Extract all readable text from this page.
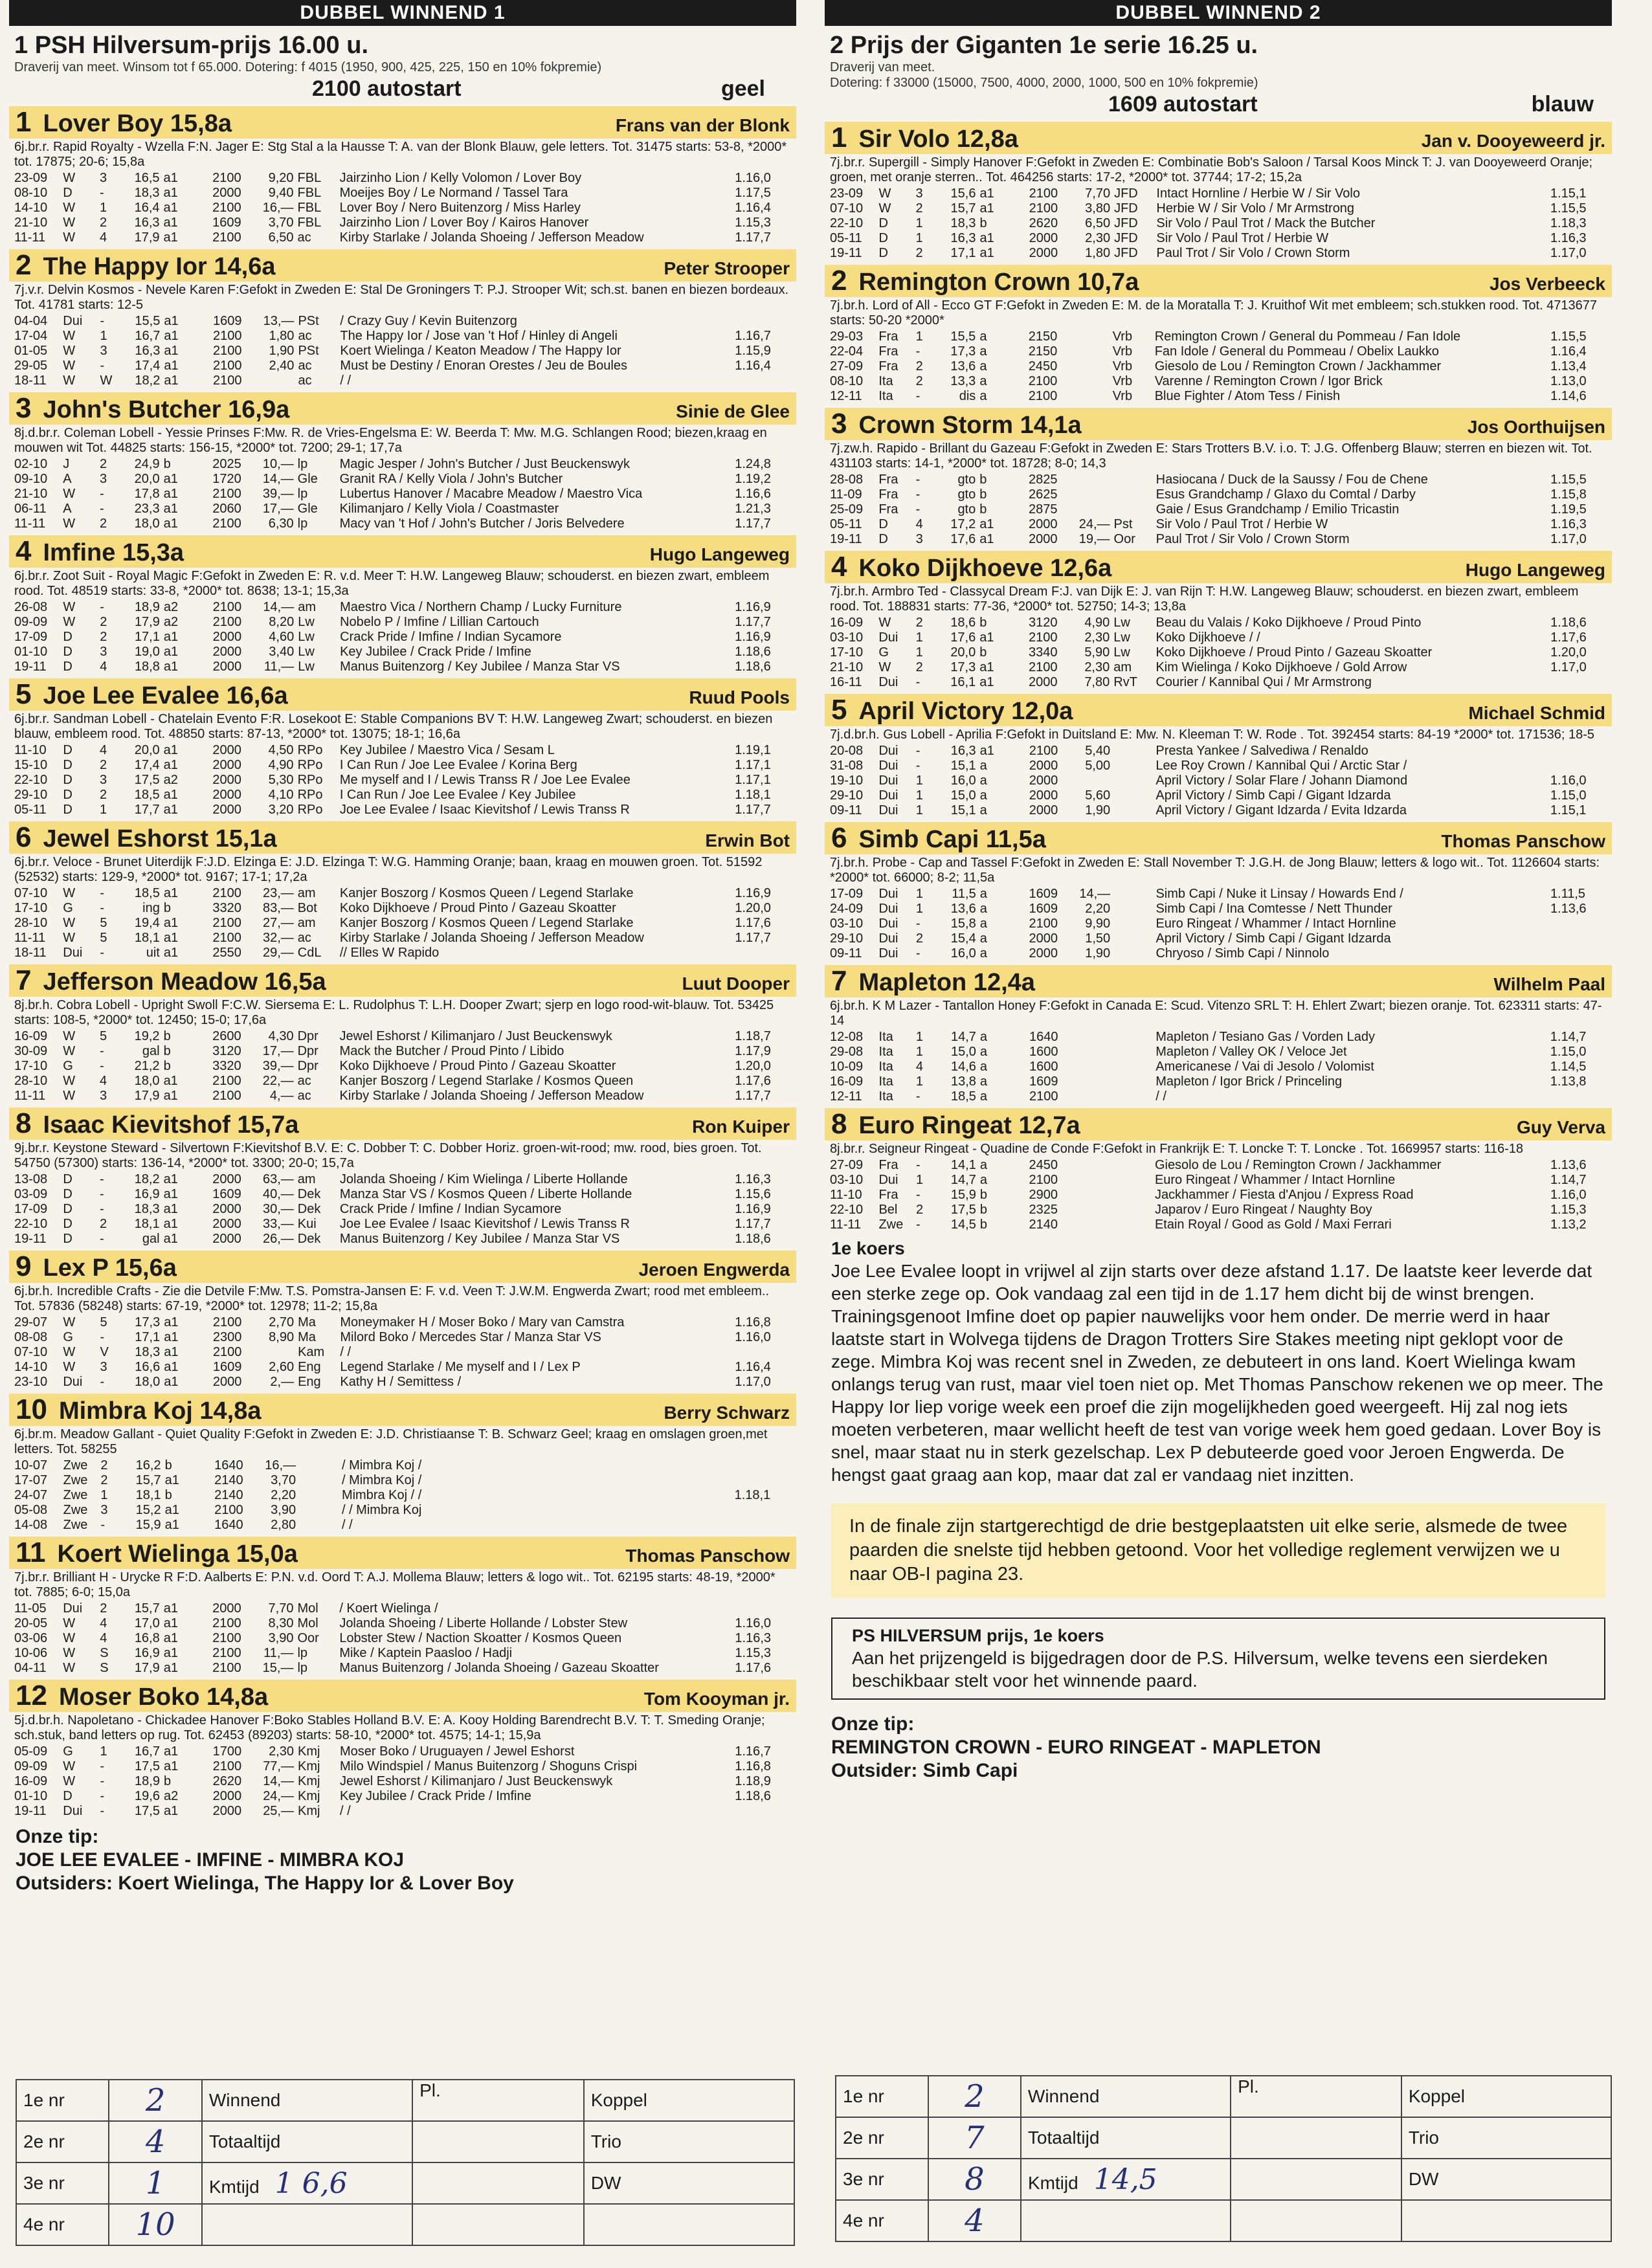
DUBBEL WINNEND 1
1 PSH Hilversum-prijs 16.00 u.
Draverij van meet. Winsom tot f 65.000. Dotering: f 4015 (1950, 900, 425, 225, 150 en 10% fokpremie)
2100 autostart	geel
1 Lover Boy 15,8a	Frans van der Blonk
6j.br.r. Rapid Royalty - Wzella F:N. Jager E: Stg Stal a la Hausse T: A. van der Blonk Blauw, gele letters. Tot. 31475 starts: 53-8, *2000* tot. 17875; 20-6; 15,8a
23-09	W	3	16,5	a1	2100	9,20	FBL	Jairzinho Lion / Kelly Volomon / Lover Boy	1.16,0
08-10	D	-	18,3	a1	2000	9,40	FBL	Moeijes Boy / Le Normand / Tassel Tara	1.17,5
14-10	W	1	16,4	a1	2100	16,—	FBL	Lover Boy / Nero Buitenzorg / Miss Harley	1.16,4
21-10	W	2	16,3	a1	1609	3,70	FBL	Jairzinho Lion / Lover Boy / Kairos Hanover	1.15,3
11-11	W	4	17,9	a1	2100	6,50	ac	Kirby Starlake / Jolanda Shoeing / Jefferson Meadow	1.17,7
2 The Happy Ior 14,6a	Peter Strooper
7j.v.r. Delvin Kosmos - Nevele Karen F:Gefokt in Zweden E: Stal De Groningers T: P.J. Strooper Wit; sch.st. banen en biezen bordeaux. Tot. 41781 starts: 12-5
04-04	Dui	-	15,5	a1	1609	13,—	PSt	/ Crazy Guy / Kevin Buitenzorg	
17-04	W	1	16,7	a1	2100	1,80	ac	The Happy Ior / Jose van 't Hof / Hinley di Angeli	1.16,7
01-05	W	3	16,3	a1	2100	1,90	PSt	Koert Wielinga / Keaton Meadow / The Happy Ior	1.15,9
29-05	W	-	17,4	a1	2100	2,40	ac	Must be Destiny / Enoran Orestes / Jeu de Boules	1.16,4
18-11	W	W	18,2	a1	2100		ac	/ /	
3 John's Butcher 16,9a	Sinie de Glee
8j.d.br.r. Coleman Lobell - Yessie Prinses F:Mw. R. de Vries-Engelsma E: W. Beerda T: Mw. M.G. Schlangen Rood; biezen,kraag en mouwen wit Tot. 44825 starts: 156-15, *2000* tot. 7200; 29-1; 17,7a
02-10	J	2	24,9	b	2025	10,—	lp	Magic Jesper / John's Butcher / Just Beuckenswyk	1.24,8
09-10	A	3	20,0	a1	1720	14,—	Gle	Granit RA / Kelly Viola / John's Butcher	1.19,2
21-10	W	-	17,8	a1	2100	39,—	lp	Lubertus Hanover / Macabre Meadow / Maestro Vica	1.16,6
06-11	A	-	23,3	a1	2060	17,—	Gle	Kilimanjaro / Kelly Viola / Coastmaster	1.21,3
11-11	W	2	18,0	a1	2100	6,30	lp	Macy van 't Hof / John's Butcher / Joris Belvedere	1.17,7
4 Imfine 15,3a	Hugo Langeweg
6j.br.r. Zoot Suit - Royal Magic F:Gefokt in Zweden E: R. v.d. Meer T: H.W. Langeweg Blauw; schouderst. en biezen zwart, embleem rood. Tot. 48519 starts: 33-8, *2000* tot. 8638; 13-1; 15,3a
26-08	W	-	18,9	a2	2100	14,—	am	Maestro Vica / Northern Champ / Lucky Furniture	1.16,9
09-09	W	2	17,9	a2	2100	8,20	Lw	Nobelo P / Imfine / Lillian Cartouch	1.17,7
17-09	D	2	17,1	a1	2000	4,60	Lw	Crack Pride / Imfine / Indian Sycamore	1.16,9
01-10	D	3	19,0	a1	2000	3,40	Lw	Key Jubilee / Crack Pride / Imfine	1.18,6
19-11	D	4	18,8	a1	2000	11,—	Lw	Manus Buitenzorg / Key Jubilee / Manza Star VS	1.18,6
5 Joe Lee Evalee 16,6a	Ruud Pools
6j.br.r. Sandman Lobell - Chatelain Evento F:R. Losekoot E: Stable Companions BV T: H.W. Langeweg Zwart; schouderst. en biezen blauw, embleem rood. Tot. 48850 starts: 87-13, *2000* tot. 13075; 18-1; 16,6a
11-10	D	4	20,0	a1	2000	4,50	RPo	Key Jubilee / Maestro Vica / Sesam L	1.19,1
15-10	D	2	17,4	a1	2000	4,90	RPo	I Can Run / Joe Lee Evalee / Korina Berg	1.17,1
22-10	D	3	17,5	a2	2000	5,30	RPo	Me myself and I / Lewis Transs R / Joe Lee Evalee	1.17,1
29-10	D	2	18,5	a1	2000	4,10	RPo	I Can Run / Joe Lee Evalee / Key Jubilee	1.18,1
05-11	D	1	17,7	a1	2000	3,20	RPo	Joe Lee Evalee / Isaac Kievitshof / Lewis Transs R	1.17,7
6 Jewel Eshorst 15,1a	Erwin Bot
6j.br.r. Veloce - Brunet Uiterdijk F:J.D. Elzinga E: J.D. Elzinga T: W.G. Hamming Oranje; baan, kraag en mouwen groen. Tot. 51592 (52532) starts: 129-9, *2000* tot. 9167; 17-1; 17,2a
07-10	W	-	18,5	a1	2100	23,—	am	Kanjer Boszorg / Kosmos Queen / Legend Starlake	1.16,9
17-10	G	-	ing	b	3320	83,—	Bot	Koko Dijkhoeve / Proud Pinto / Gazeau Skoatter	1.20,0
28-10	W	5	19,4	a1	2100	27,—	am	Kanjer Boszorg / Kosmos Queen / Legend Starlake	1.17,6
11-11	W	5	18,1	a1	2100	32,—	ac	Kirby Starlake / Jolanda Shoeing / Jefferson Meadow	1.17,7
18-11	Dui	-	uit	a1	2550	29,—	CdL	// Elles W Rapido	
7 Jefferson Meadow 16,5a	Luut Dooper
8j.br.h. Cobra Lobell - Upright Swoll F:C.W. Siersema E: L. Rudolphus T: L.H. Dooper Zwart; sjerp en logo rood-wit-blauw. Tot. 53425 starts: 108-5, *2000* tot. 12450; 15-0; 17,6a
16-09	W	5	19,2	b	2600	4,30	Dpr	Jewel Eshorst / Kilimanjaro / Just Beuckenswyk	1.18,7
30-09	W	-	gal	b	3120	17,—	Dpr	Mack the Butcher / Proud Pinto / Libido	1.17,9
17-10	G	-	21,2	b	3320	39,—	Dpr	Koko Dijkhoeve / Proud Pinto / Gazeau Skoatter	1.20,0
28-10	W	4	18,0	a1	2100	22,—	ac	Kanjer Boszorg / Legend Starlake / Kosmos Queen	1.17,6
11-11	W	3	17,9	a1	2100	4,—	ac	Kirby Starlake / Jolanda Shoeing / Jefferson Meadow	1.17,7
8 Isaac Kievitshof 15,7a	Ron Kuiper
9j.br.r. Keystone Steward - Silvertown F:Kievitshof B.V. E: C. Dobber T: C. Dobber Horiz. groen-wit-rood; mw. rood, bies groen. Tot. 54750 (57300) starts: 136-14, *2000* tot. 3300; 20-0; 15,7a
13-08	D	-	18,2	a1	2000	63,—	am	Jolanda Shoeing / Kim Wielinga / Liberte Hollande	1.16,3
03-09	D	-	16,9	a1	1609	40,—	Dek	Manza Star VS / Kosmos Queen / Liberte Hollande	1.15,6
17-09	D	-	18,3	a1	2000	30,—	Dek	Crack Pride / Imfine / Indian Sycamore	1.16,9
22-10	D	2	18,1	a1	2000	33,—	Kui	Joe Lee Evalee / Isaac Kievitshof / Lewis Transs R	1.17,7
19-11	D	-	gal	a1	2000	26,—	Dek	Manus Buitenzorg / Key Jubilee / Manza Star VS	1.18,6
9 Lex P 15,6a	Jeroen Engwerda
6j.br.h. Incredible Crafts - Zie die Detvile F:Mw. T.S. Pomstra-Jansen E: F. v.d. Veen T: J.W.M. Engwerda Zwart; rood met embleem.. Tot. 57836 (58248) starts: 67-19, *2000* tot. 12978; 11-2; 15,8a
29-07	W	5	17,3	a1	2100	2,70	Ma	Moneymaker H / Moser Boko / Mary van Camstra	1.16,8
08-08	G	-	17,1	a1	2300	8,90	Ma	Milord Boko / Mercedes Star / Manza Star VS	1.16,0
07-10	W	V	18,3	a1	2100		Kam	/ /	
14-10	W	3	16,6	a1	1609	2,60	Eng	Legend Starlake / Me myself and I / Lex P	1.16,4
23-10	Dui	-	18,0	a1	2000	2,—	Eng	Kathy H / Semittess /	1.17,0
10 Mimbra Koj 14,8a	Berry Schwarz
6j.br.m. Meadow Gallant - Quiet Quality F:Gefokt in Zweden E: J.D. Christiaanse T: B. Schwarz Geel; kraag en omslagen groen,met letters. Tot. 58255
10-07	Zwe	2	16,2	b	1640	16,—		/ Mimbra Koj /	
17-07	Zwe	2	15,7	a1	2140	3,70		/ Mimbra Koj /	
24-07	Zwe	1	18,1	b	2140	2,20		Mimbra Koj / /	1.18,1
05-08	Zwe	3	15,2	a1	2100	3,90		/ / Mimbra Koj	
14-08	Zwe	-	15,9	a1	1640	2,80		/ /	
11 Koert Wielinga 15,0a	Thomas Panschow
7j.br.r. Brilliant H - Urycke R F:D. Aalberts E: P.N. v.d. Oord T: A.J. Mollema Blauw; letters & logo wit.. Tot. 62195 starts: 48-19, *2000* tot. 7885; 6-0; 15,0a
11-05	Dui	2	15,7	a1	2000	7,70	Mol	/ Koert Wielinga /	
20-05	W	4	17,0	a1	2100	8,30	Mol	Jolanda Shoeing / Liberte Hollande / Lobster Stew	1.16,0
03-06	W	4	16,8	a1	2100	3,90	Oor	Lobster Stew / Naction Skoatter / Kosmos Queen	1.16,3
10-06	W	S	16,9	a1	2100	11,—	lp	Mike / Kaptein Paasloo / Hadji	1.15,3
04-11	W	S	17,9	a1	2100	15,—	lp	Manus Buitenzorg / Jolanda Shoeing / Gazeau Skoatter	1.17,6
12 Moser Boko 14,8a	Tom Kooyman jr.
5j.d.br.h. Napoletano - Chickadee Hanover F:Boko Stables Holland B.V. E: A. Kooy Holding Barendrecht B.V. T: T. Smeding Oranje; sch.stuk, band letters op rug. Tot. 62453 (89203) starts: 58-10, *2000* tot. 4575; 14-1; 15,9a
05-09	G	1	16,7	a1	1700	2,30	Kmj	Moser Boko / Uruguayen / Jewel Eshorst	1.16,7
09-09	W	-	17,5	a1	2100	77,—	Kmj	Milo Windspiel / Manus Buitenzorg / Shoguns Crispi	1.16,8
16-09	W	-	18,9	b	2620	14,—	Kmj	Jewel Eshorst / Kilimanjaro / Just Beuckenswyk	1.18,9
01-10	D	-	19,6	a2	2000	24,—	Kmj	Key Jubilee / Crack Pride / Imfine	1.18,6
19-11	Dui	-	17,5	a1	2000	25,—	Kmj	/ /	
Onze tip:
JOE LEE EVALEE - IMFINE - MIMBRA KOJ
Outsiders: Koert Wielinga, The Happy Ior & Lover Boy
DUBBEL WINNEND 2
2 Prijs der Giganten 1e serie 16.25 u.
Draverij van meet.
Dotering: f 33000 (15000, 7500, 4000, 2000, 1000, 500 en 10% fokpremie)
1609 autostart	blauw
1 Sir Volo 12,8a	Jan v. Dooyeweerd jr.
7j.br.r. Supergill - Simply Hanover F:Gefokt in Zweden E: Combinatie Bob's Saloon / Tarsal Koos Minck T: J. van Dooyeweerd Oranje; groen, met oranje sterren.. Tot. 464256 starts: 17-2, *2000* tot. 37744; 17-2; 15,2a
23-09	W	3	15,6	a1	2100	7,70	JFD	Intact Hornline / Herbie W / Sir Volo	1.15,1
07-10	W	2	15,7	a1	2100	3,80	JFD	Herbie W / Sir Volo / Mr Armstrong	1.15,5
22-10	D	1	18,3	b	2620	6,50	JFD	Sir Volo / Paul Trot / Mack the Butcher	1.18,3
05-11	D	1	16,3	a1	2000	2,30	JFD	Sir Volo / Paul Trot / Herbie W	1.16,3
19-11	D	2	17,1	a1	2000	1,80	JFD	Paul Trot / Sir Volo / Crown Storm	1.17,0
2 Remington Crown 10,7a	Jos Verbeeck
7j.br.h. Lord of All - Ecco GT F:Gefokt in Zweden E: M. de la Moratalla T: J. Kruithof Wit met embleem; sch.stukken rood. Tot. 4713677 starts: 50-20 *2000*
29-03	Fra	1	15,5	a	2150		Vrb	Remington Crown / General du Pommeau / Fan Idole	1.15,5
22-04	Fra	-	17,3	a	2150		Vrb	Fan Idole / General du Pommeau / Obelix Laukko	1.16,4
27-09	Fra	2	13,6	a	2450		Vrb	Giesolo de Lou / Remington Crown / Jackhammer	1.13,4
08-10	Ita	2	13,3	a	2100		Vrb	Varenne / Remington Crown / Igor Brick	1.13,0
12-11	Ita	-	dis	a	2100		Vrb	Blue Fighter / Atom Tess / Finish	1.14,6
3 Crown Storm 14,1a	Jos Oorthuijsen
7j.zw.h. Rapido - Brillant du Gazeau F:Gefokt in Zweden E: Stars Trotters B.V. i.o. T: J.G. Offenberg Blauw; sterren en biezen wit. Tot. 431103 starts: 14-1, *2000* tot. 18728; 8-0; 14,3
28-08	Fra	-	gto	b	2825			Hasiocana / Duck de la Saussy / Fou de Chene	1.15,5
11-09	Fra	-	gto	b	2625			Esus Grandchamp / Glaxo du Comtal / Darby	1.15,8
25-09	Fra	-	gto	b	2875			Gaie / Esus Grandchamp / Emilio Tricastin	1.19,5
05-11	D	4	17,2	a1	2000	24,—	Pst	Sir Volo / Paul Trot / Herbie W	1.16,3
19-11	D	3	17,6	a1	2000	19,—	Oor	Paul Trot / Sir Volo / Crown Storm	1.17,0
4 Koko Dijkhoeve 12,6a	Hugo Langeweg
7j.br.h. Armbro Ted - Classycal Dream F:J. van Dijk E: J. van Rijn T: H.W. Langeweg Blauw; schouderst. en biezen zwart, embleem rood. Tot. 188831 starts: 77-36, *2000* tot. 52750; 14-3; 13,8a
16-09	W	2	18,6	b	3120	4,90	Lw	Beau du Valais / Koko Dijkhoeve / Proud Pinto	1.18,6
03-10	Dui	1	17,6	a1	2100	2,30	Lw	Koko Dijkhoeve / /	1.17,6
17-10	G	1	20,0	b	3340	5,90	Lw	Koko Dijkhoeve / Proud Pinto / Gazeau Skoatter	1.20,0
21-10	W	2	17,3	a1	2100	2,30	am	Kim Wielinga / Koko Dijkhoeve / Gold Arrow	1.17,0
16-11	Dui	-	16,1	a1	2000	7,80	RvT	Courier / Kannibal Qui / Mr Armstrong	
5 April Victory 12,0a	Michael Schmid
7j.d.br.h. Gus Lobell - Aprilia F:Gefokt in Duitsland E: Mw. N. Kleeman T: W. Rode . Tot. 392454 starts: 84-19 *2000* tot. 171536; 18-5
20-08	Dui	-	16,3	a1	2100	5,40		Presta Yankee / Salvediwa / Renaldo	
31-08	Dui	-	15,1	a	2000	5,00		Lee Roy Crown / Kannibal Qui / Arctic Star /	
19-10	Dui	1	16,0	a	2000			April Victory / Solar Flare / Johann Diamond	1.16,0
29-10	Dui	1	15,0	a	2000	5,60		April Victory / Simb Capi / Gigant Idzarda	1.15,0
09-11	Dui	1	15,1	a	2000	1,90		April Victory / Gigant Idzarda / Evita Idzarda	1.15,1
6 Simb Capi 11,5a	Thomas Panschow
7j.br.h. Probe - Cap and Tassel F:Gefokt in Zweden E: Stall November T: J.G.H. de Jong Blauw; letters & logo wit.. Tot. 1126604 starts: *2000* tot. 66000; 8-2; 11,5a
17-09	Dui	1	11,5	a	1609	14,—		Simb Capi / Nuke it Linsay / Howards End /	1.11,5
24-09	Dui	1	13,6	a	1609	2,20		Simb Capi / Ina Comtesse / Nett Thunder	1.13,6
03-10	Dui	-	15,8	a	2100	9,90		Euro Ringeat / Whammer / Intact Hornline	
29-10	Dui	2	15,4	a	2000	1,50		April Victory / Simb Capi / Gigant Idzarda	
09-11	Dui	-	16,0	a	2000	1,90		Chryoso / Simb Capi / Ninnolo	
7 Mapleton 12,4a	Wilhelm Paal
6j.br.h. K M Lazer - Tantallon Honey F:Gefokt in Canada E: Scud. Vitenzo SRL T: H. Ehlert Zwart; biezen oranje. Tot. 623311 starts: 47-14
12-08	Ita	1	14,7	a	1640			Mapleton / Tesiano Gas / Vorden Lady	1.14,7
29-08	Ita	1	15,0	a	1600			Mapleton / Valley OK / Veloce Jet	1.15,0
10-09	Ita	4	14,6	a	1600			Americanese / Vai di Jesolo / Volomist	1.14,5
16-09	Ita	1	13,8	a	1609			Mapleton / Igor Brick / Princeling	1.13,8
12-11	Ita	-	18,5	a	2100			/ /	
8 Euro Ringeat 12,7a	Guy Verva
8j.br.r. Seigneur Ringeat - Quadine de Conde F:Gefokt in Frankrijk E: T. Loncke T: T. Loncke . Tot. 1669957 starts: 116-18
27-09	Fra	-	14,1	a	2450			Giesolo de Lou / Remington Crown / Jackhammer	1.13,6
03-10	Dui	1	14,7	a	2100			Euro Ringeat / Whammer / Intact Hornline	1.14,7
11-10	Fra	-	15,9	b	2900			Jackhammer / Fiesta d'Anjou / Express Road	1.16,0
22-10	Bel	2	17,5	b	2325			Japarov / Euro Ringeat / Naughty Boy	1.15,3
11-11	Zwe	-	14,5	b	2140			Etain Royal / Good as Gold / Maxi Ferrari	1.13,2
1e koers
Joe Lee Evalee loopt in vrijwel al zijn starts over deze afstand 1.17. De laatste keer leverde dat een sterke zege op. Ook vandaag zal een tijd in de 1.17 hem dicht bij de winst brengen. Trainingsgenoot Imfine doet op papier nauwelijks voor hem onder. De merrie werd in haar laatste start in Wolvega tijdens de Dragon Trotters Sire Stakes meeting nipt geklopt voor de zege. Mimbra Koj was recent snel in Zweden, ze debuteert in ons land. Koert Wielinga kwam onlangs terug van rust, maar viel toen niet op. Met Thomas Panschow rekenen we op meer. The Happy Ior liep vorige week een proef die zijn mogelijkheden goed weergeeft. Hij zal nog iets moeten verbeteren, maar wellicht heeft de test van vorige week hem goed gedaan. Lover Boy is snel, maar staat nu in sterk gezelschap. Lex P debuteerde goed voor Jeroen Engwerda. De hengst gaat graag aan kop, maar dat zal er vandaag niet inzitten.
In de finale zijn startgerechtigd de drie bestgeplaatsten uit elke serie, alsmede de twee paarden die snelste tijd hebben getoond. Voor het volledige reglement verwijzen we u naar OB-I pagina 23.
PS HILVERSUM prijs, 1e koers
Aan het prijzengeld is bijgedragen door de P.S. Hilversum, welke tevens een sierdeken beschikbaar stelt voor het winnende paard.
Onze tip:
REMINGTON CROWN - EURO RINGEAT - MAPLETON
Outsider: Simb Capi
1e nr	2	Winnend	Pl.	Koppel
2e nr	4	Totaaltijd		Trio
3e nr	1	Kmtijd 1 6,6		DW
4e nr	10			
1e nr	2	Winnend	Pl.	Koppel
2e nr	7	Totaaltijd		Trio
3e nr	8	Kmtijd 14,5		DW
4e nr	4			
